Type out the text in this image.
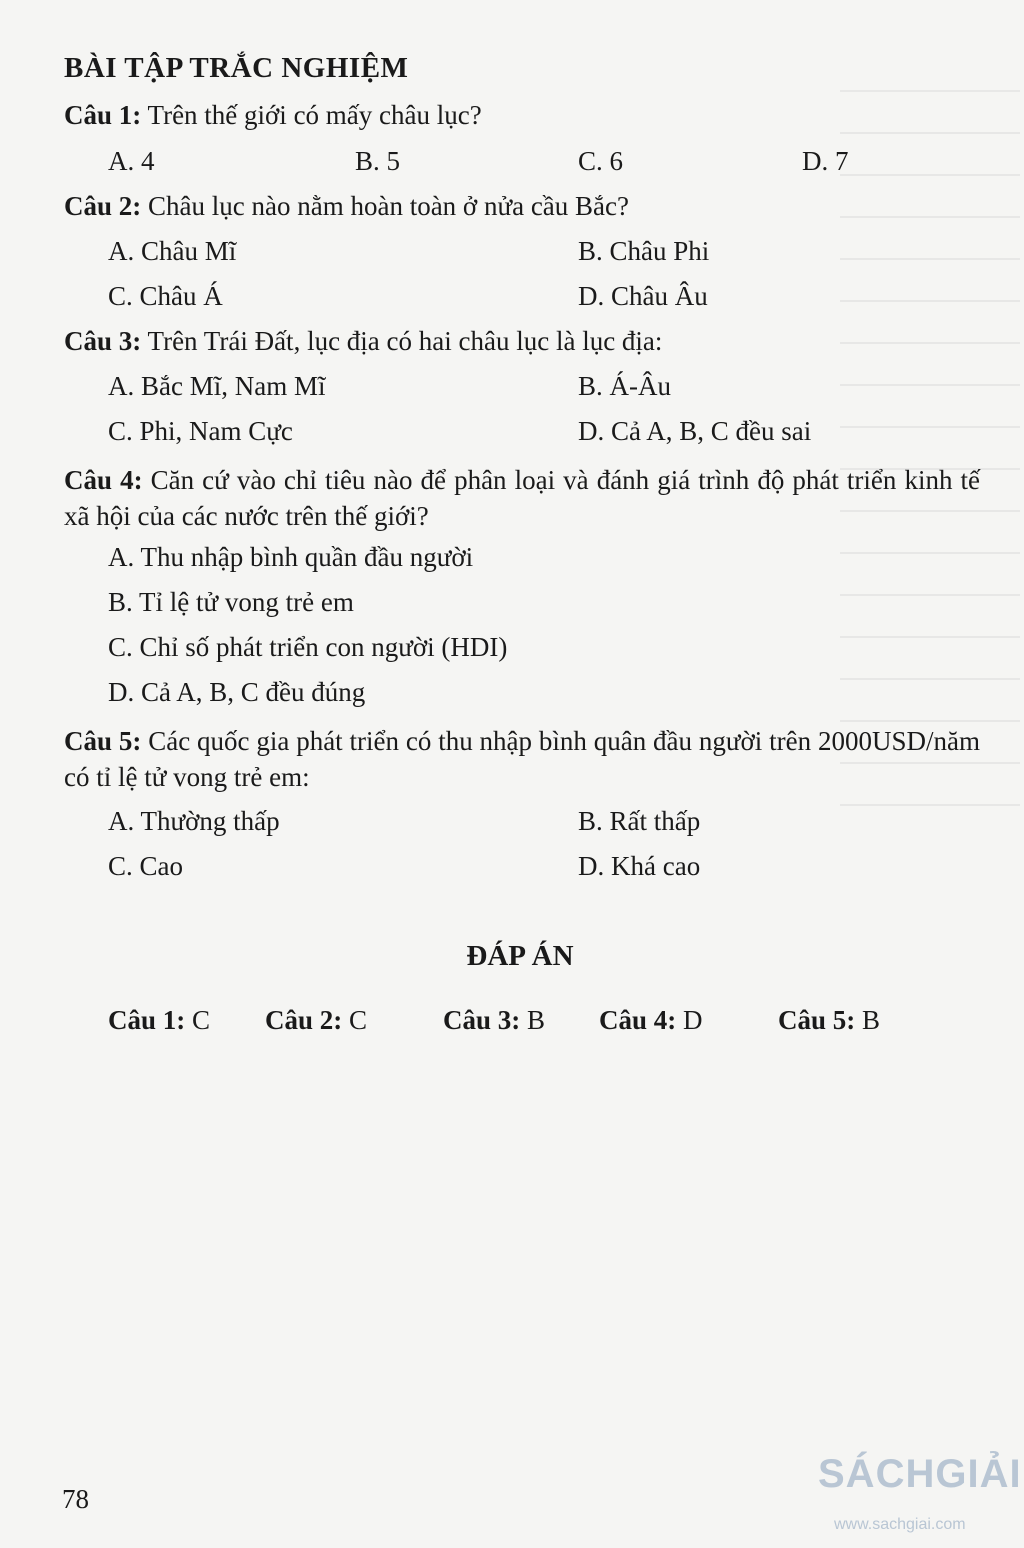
BÀI TẬP TRẮC NGHIỆM
Câu 1: Trên thế giới có mấy châu lục?
A. 4	B. 5	C. 6	D. 7
Câu 2: Châu lục nào nằm hoàn toàn ở nửa cầu Bắc?
A. Châu Mĩ	B. Châu Phi
C. Châu Á	D. Châu Âu
Câu 3: Trên Trái Đất, lục địa có hai châu lục là lục địa:
A. Bắc Mĩ, Nam Mĩ	B. Á-Âu
C. Phi, Nam Cực	D. Cả A, B, C đều sai
Câu 4: Căn cứ vào chỉ tiêu nào để phân loại và đánh giá trình độ phát triển kinh tế xã hội của các nước trên thế giới?
A. Thu nhập bình quần đầu người
B. Tỉ lệ tử vong trẻ em
C. Chỉ số phát triển con người (HDI)
D. Cả A, B, C đều đúng
Câu 5: Các quốc gia phát triển có thu nhập bình quân đầu người trên 2000USD/năm có tỉ lệ tử vong trẻ em:
A. Thường thấp	B. Rất thấp
C. Cao	D. Khá cao
ĐÁP ÁN
Câu 1: C Câu 2: C	Câu 3: B Câu 4: D	Câu 5: B
78
SÁCHGIẢI
www.sachgiai.com
